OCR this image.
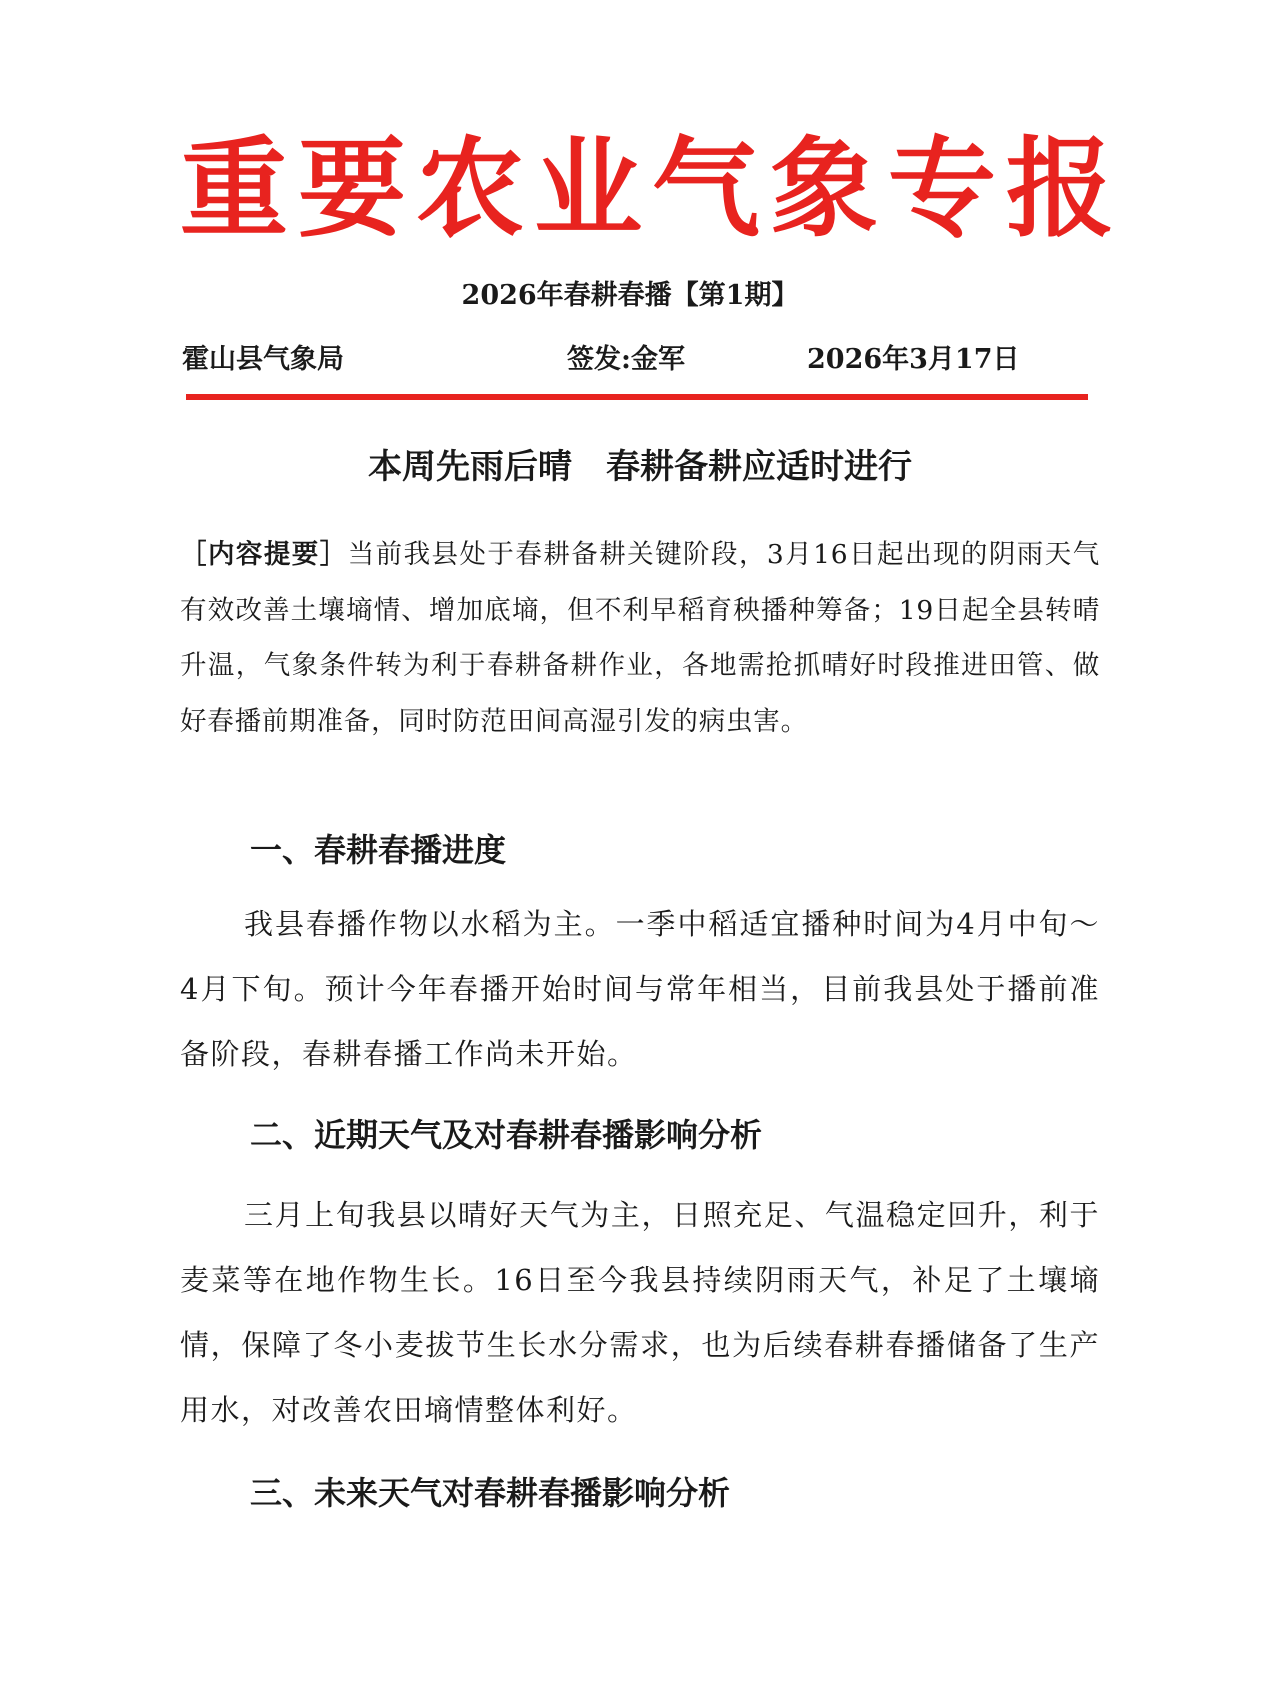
重要农业气象专报
2026年春耕春播【第1期】
霍山县气象局	签发:金军	2026年3月17日
本周先雨后晴　春耕备耕应适时进行
［内容提要］当前我县处于春耕备耕关键阶段，3月16日起出现的阴雨天气有效改善土壤墒情、增加底墒，但不利早稻育秧播种筹备；19日起全县转晴升温，气象条件转为利于春耕备耕作业，各地需抢抓晴好时段推进田管、做好春播前期准备，同时防范田间高湿引发的病虫害。
一、春耕春播进度
我县春播作物以水稻为主。一季中稻适宜播种时间为4月中旬～4月下旬。预计今年春播开始时间与常年相当，目前我县处于播前准备阶段，春耕春播工作尚未开始。
二、近期天气及对春耕春播影响分析
三月上旬我县以晴好天气为主，日照充足、气温稳定回升，利于麦菜等在地作物生长。16日至今我县持续阴雨天气，补足了土壤墒情，保障了冬小麦拔节生长水分需求，也为后续春耕春播储备了生产用水，对改善农田墒情整体利好。
三、未来天气对春耕春播影响分析
